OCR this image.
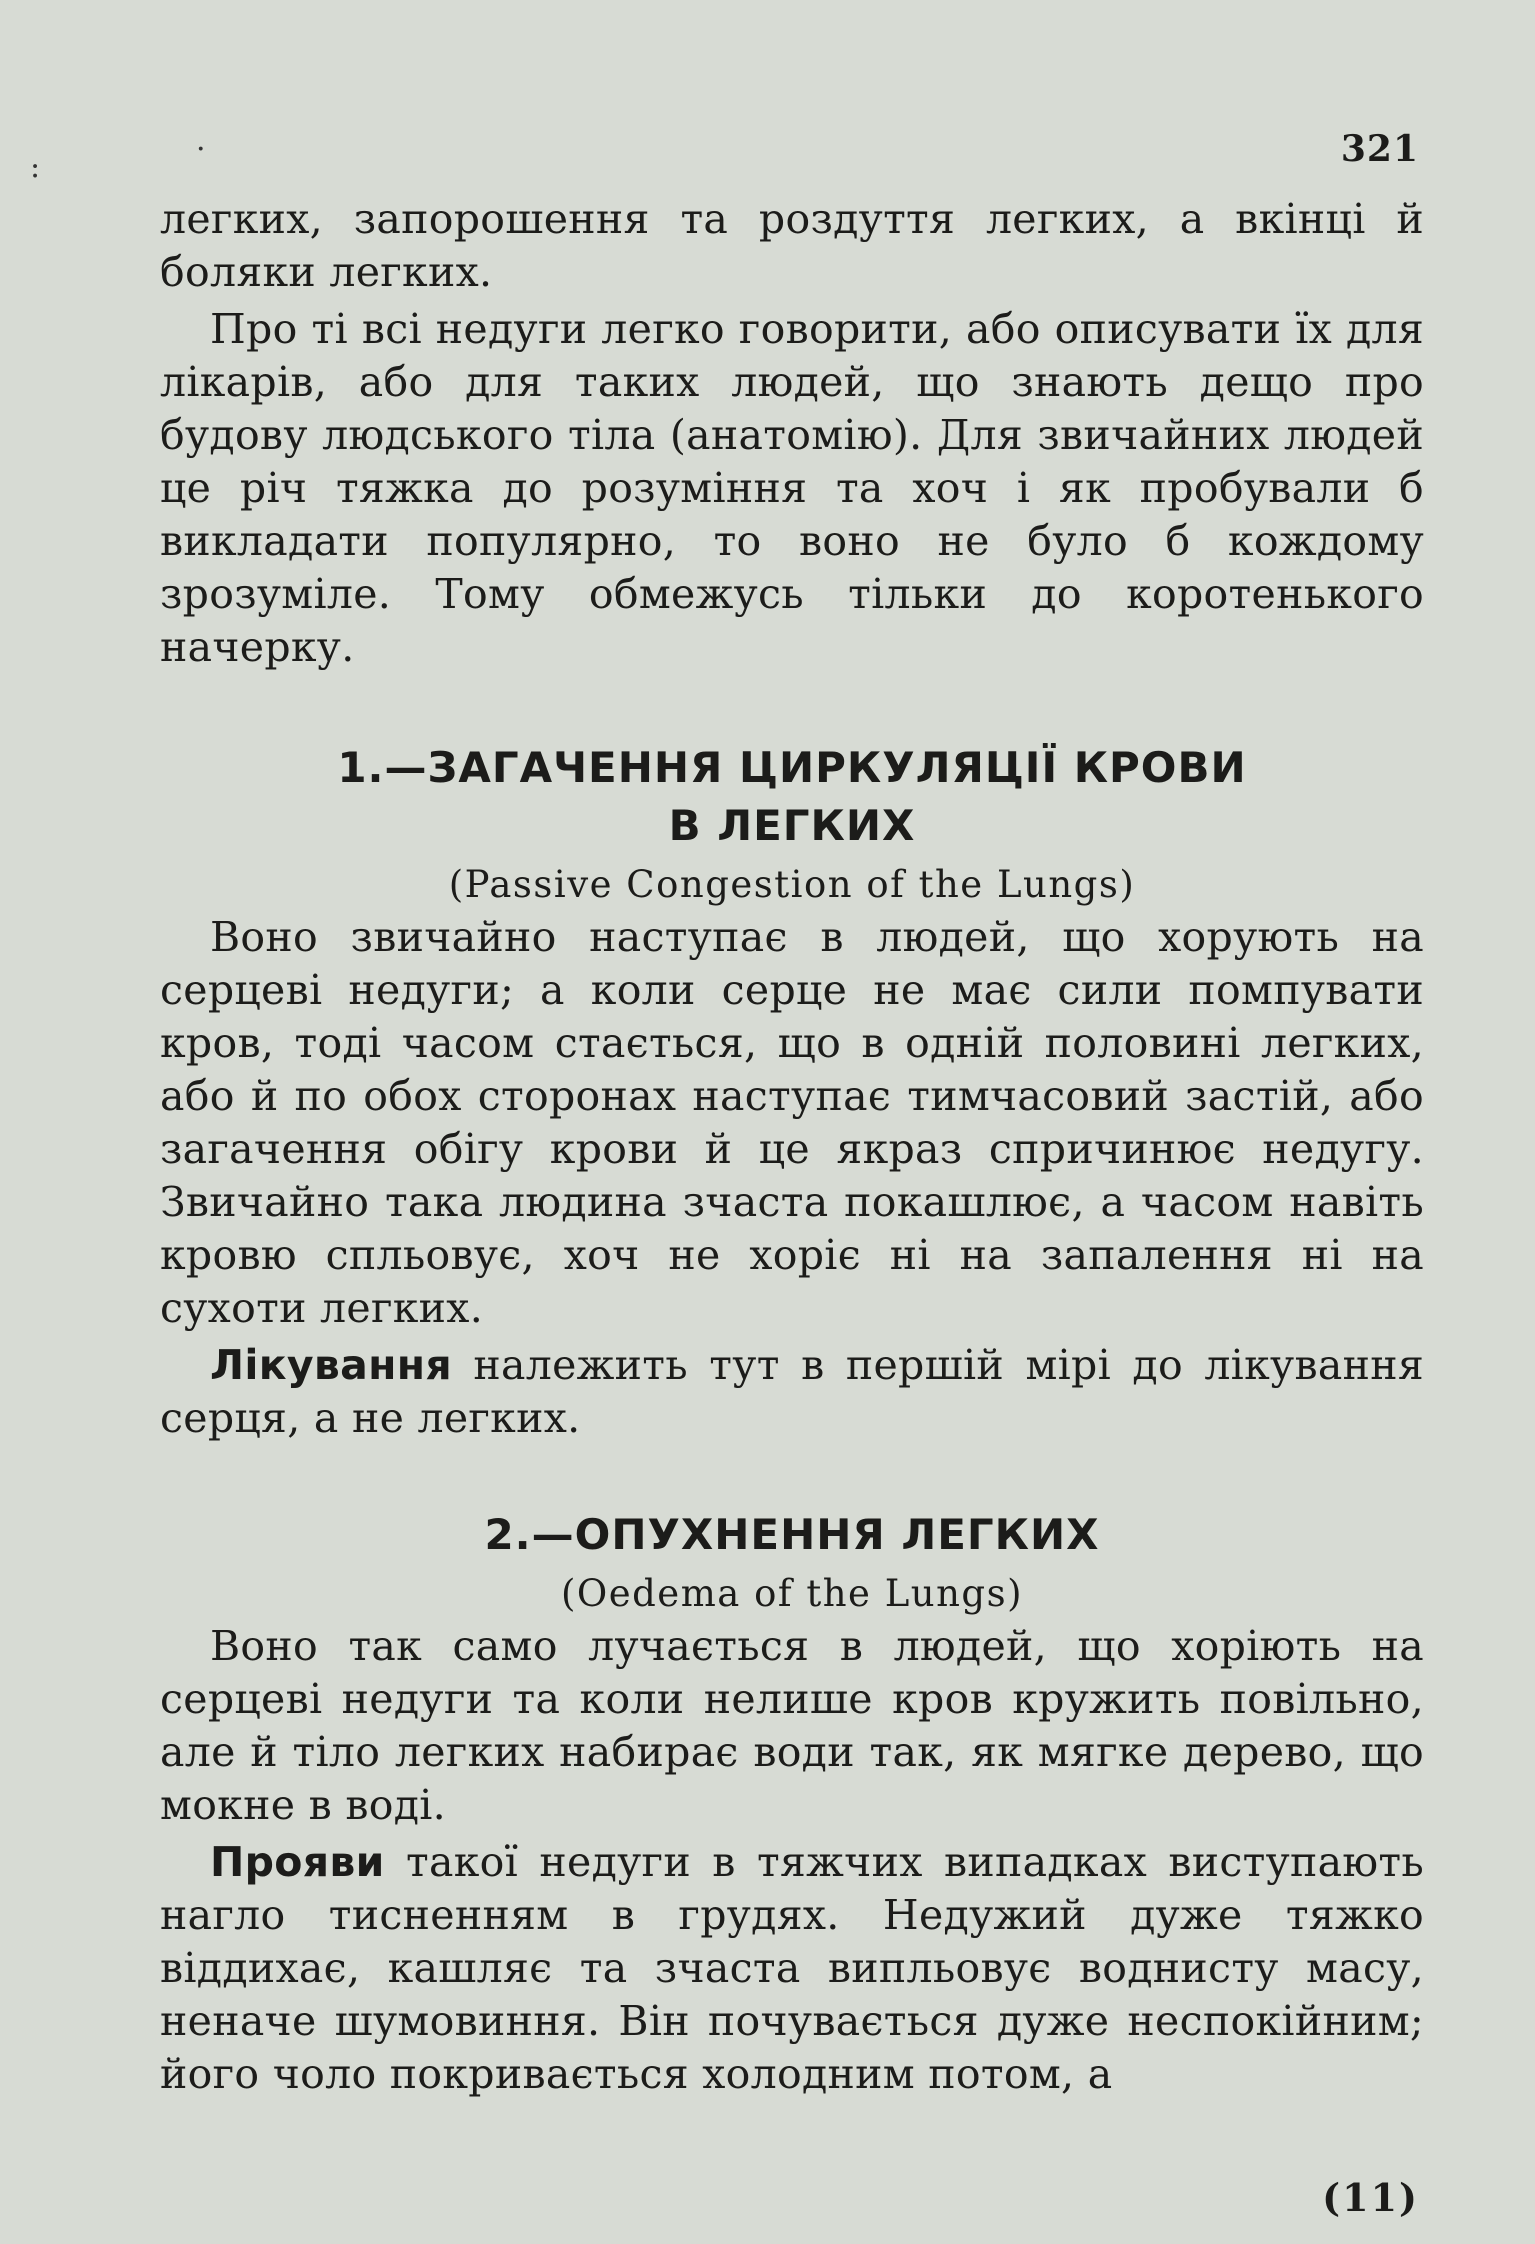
:
·	321

легких, запорошення та роздуття легких, а вкінці й боляки легких.

Про ті всі недуги легко говорити, або описувати їх для лікарів, або для таких людей, що знають дещо про будову людського тіла (анатомію). Для звичайних людей це річ тяжка до розуміння та хоч і як пробували б викладати популярно, то воно не було б кождому зрозуміле. Тому обмежусь тільки до коротенького начерку.

1.—ЗАГАЧЕННЯ ЦИРКУЛЯЦІЇ КРОВИ

В ЛЕГКИХ

(Passive Congestion of the Lungs)

Воно звичайно наступає в людей, що хорують на серцеві недуги; а коли серце не має сили помпувати кров, тоді часом стається, що в одній половині легких, або й по обох сторонах наступає тимчасовий застій, або загачення обігу крови й це якраз спричинює недугу. Звичайно така людина зчаста покашлює, а часом навіть кровю спльовує, хоч не хоріє ні на запалення ні на сухоти легких.

Лікування належить тут в першій мірі до лікування серця, а не легких.

2.—ОПУХНЕННЯ ЛЕГКИХ

(Oedema of the Lungs)

Воно так само лучається в людей, що хоріють на серцеві недуги та коли нелише кров кружить повільно, але й тіло легких набирає води так, як мягке дерево, що мокне в воді.

Прояви такої недуги в тяжчих випадках виступають нагло тисненням в грудях. Недужий дуже тяжко віддихає, кашляє та зчаста випльовує воднисту масу, неначе шумовиння. Він почувається дуже неспокійним; його чоло покривається холодним потом, а

(11)
